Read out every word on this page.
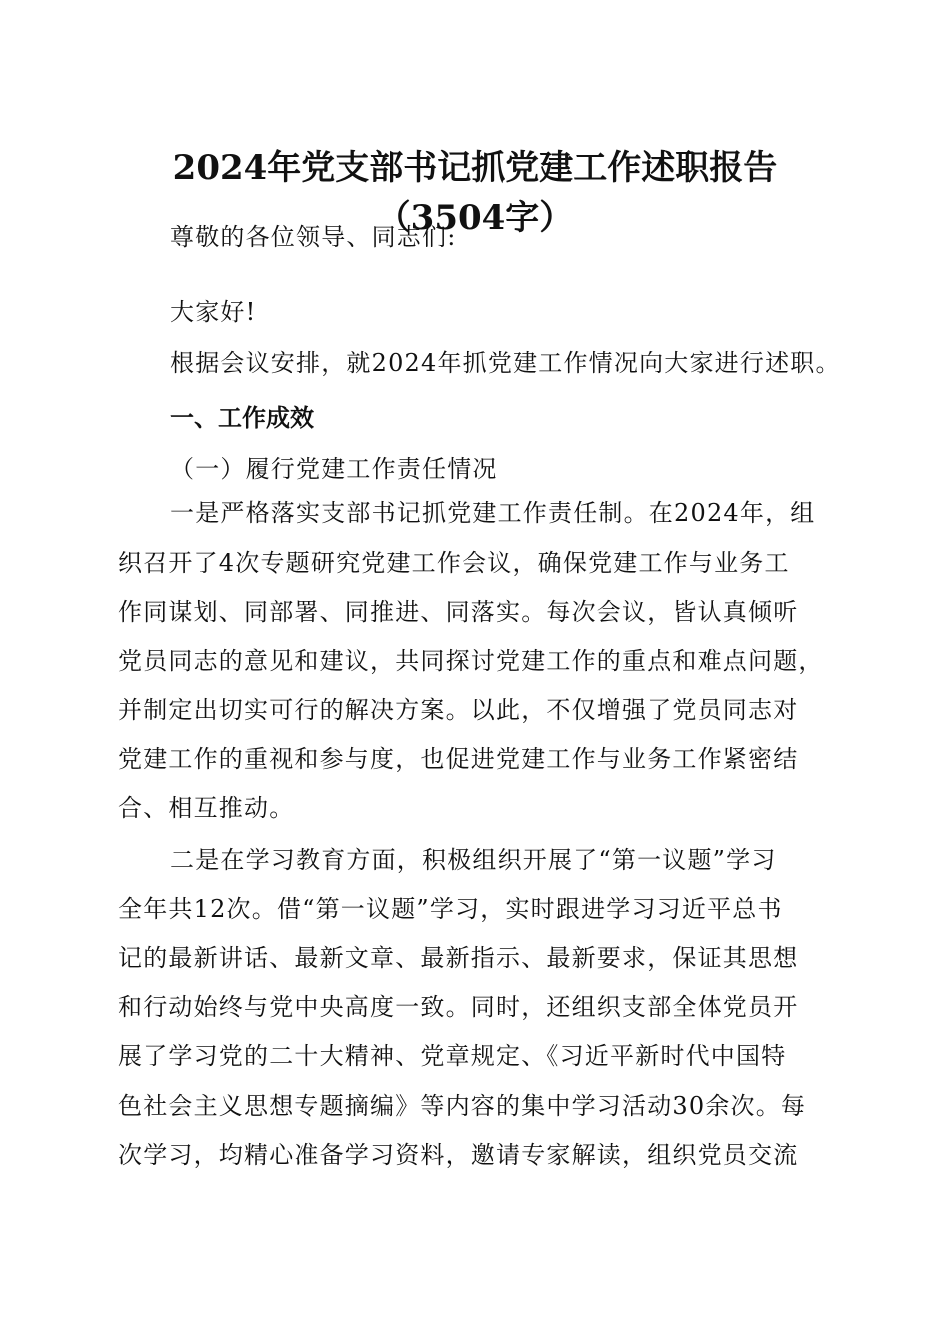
2024年党支部书记抓党建工作述职报告
（3504字）
尊敬的各位领导、同志们:
大家好!
根据会议安排，就2024年抓党建工作情况向大家进行述职。
一、工作成效
（一）履行党建工作责任情况
一是严格落实支部书记抓党建工作责任制。在2024年，组
织召开了4次专题研究党建工作会议，确保党建工作与业务工
作同谋划、同部署、同推进、同落实。每次会议，皆认真倾听
党员同志的意见和建议，共同探讨党建工作的重点和难点问题，
并制定出切实可行的解决方案。以此，不仅增强了党员同志对
党建工作的重视和参与度，也促进党建工作与业务工作紧密结
合、相互推动。
二是在学习教育方面，积极组织开展了“第一议题”学习
全年共12次。借“第一议题”学习，实时跟进学习习近平总书
记的最新讲话、最新文章、最新指示、最新要求，保证其思想
和行动始终与党中央高度一致。同时，还组织支部全体党员开
展了学习党的二十大精神、党章规定、《习近平新时代中国特
色社会主义思想专题摘编》等内容的集中学习活动30余次。每
次学习，均精心准备学习资料，邀请专家解读，组织党员交流
